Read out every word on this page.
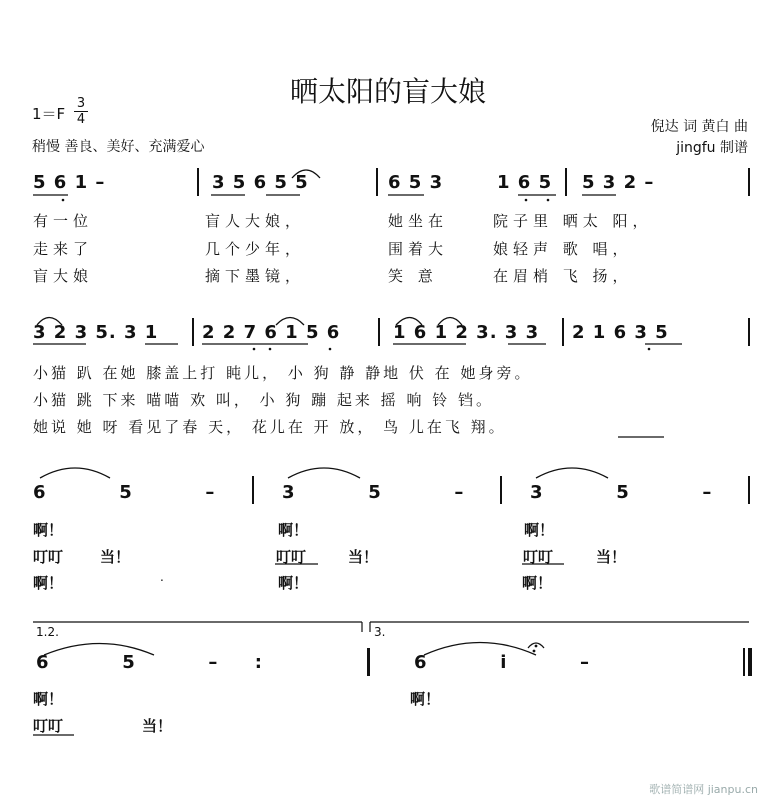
晒太阳的盲大娘
1＝F
3
4
稍慢 善良、美好、充满爱心
倪达 词 黄白 曲
jingfu 制谱
5 6 1 –	3 5 6 5 5	6 5 3	1 6 5 5 3 2 –
有一位	盲人大娘，	她坐在	院子里 晒太 阳，
走来了	几个少年，	围着大	娘轻声 歌 唱，
盲大娘	摘下墨镜，	笑 意	在眉梢 飞 扬，
3 2 3 5. 3 1 2 2 7 6 1 5 6	1 6 1 2 3. 3 3 2 1 6 3 5
小猫 趴 在她 膝盖上打 盹儿， 小 狗 静 静地 伏 在 她身旁。
小猫 跳 下来 喵喵 欢 叫， 小 狗 蹦 起来 摇 响 铃 铛。
她说 她 呀 看见了春 天， 花儿在 开 放， 鸟 儿在飞 翔。
6          5          –	3          5          –	3          5          –
啊！	啊！	啊！
叮叮 当！	叮叮	当！	叮叮	当！
啊！	.	啊！	啊！
1.2.	3.
6          5          –     :	6          i          –
啊！	啊！
叮叮	当！
歌谱简谱网 jianpu.cn
